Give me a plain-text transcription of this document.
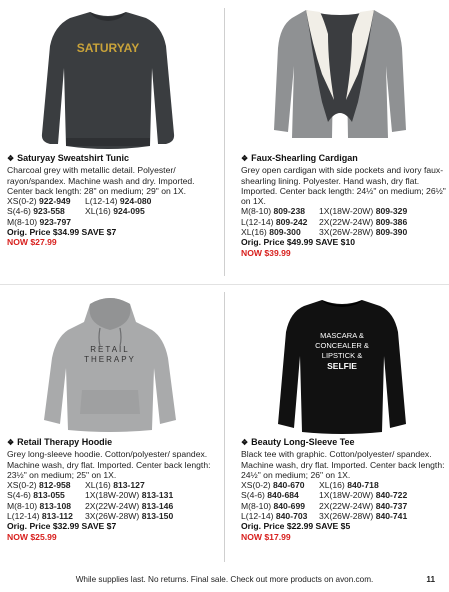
SATURYAY
❖ Saturyay Sweatshirt Tunic
Charcoal grey with metallic detail. Polyester/ rayon/spandex. Machine wash and dry. Imported. Center back length: 28" on medium; 29" on 1X.
XS(0-2) 922-949	L(12-14) 924-080
S(4-6) 923-558	XL(16) 924-095
M(8-10) 923-797
Orig. Price $34.99 SAVE $7
NOW $27.99
❖ Faux-Shearling Cardigan
Grey open cardigan with side pockets and ivory faux- shearling lining. Polyester. Hand wash, dry flat. Imported. Center back length: 24½" on medium; 26½" on 1X.
M(8-10) 809-238	1X(18W-20W) 809-329
L(12-14) 809-242	2X(22W-24W) 809-386
XL(16) 809-300	3X(26W-28W) 809-390
Orig. Price $49.99 SAVE $10
NOW $39.99
RETAIL
THERAPY
❖ Retail Therapy Hoodie
Grey long-sleeve hoodie. Cotton/polyester/ spandex. Machine wash, dry flat. Imported. Center back length: 23½" on medium; 25" on 1X.
XS(0-2) 812-958	XL(16) 813-127
S(4-6) 813-055	1X(18W-20W) 813-131
M(8-10) 813-108	2X(22W-24W) 813-146
L(12-14) 813-112	3X(26W-28W) 813-150
Orig. Price $32.99 SAVE $7
NOW $25.99
MASCARA &
CONCEALER &
LIPSTICK &
SELFIE
❖ Beauty Long-Sleeve Tee
Black tee with graphic. Cotton/polyester/ spandex. Machine wash, dry flat. Imported. Center back length: 24½" on medium; 26" on 1X.
XS(0-2) 840-670	XL(16) 840-718
S(4-6) 840-684	1X(18W-20W) 840-722
M(8-10) 840-699	2X(22W-24W) 840-737
L(12-14) 840-703	3X(26W-28W) 840-741
Orig. Price $22.99 SAVE $5
NOW $17.99
While supplies last. No returns. Final sale. Check out more products on avon.com.	11
